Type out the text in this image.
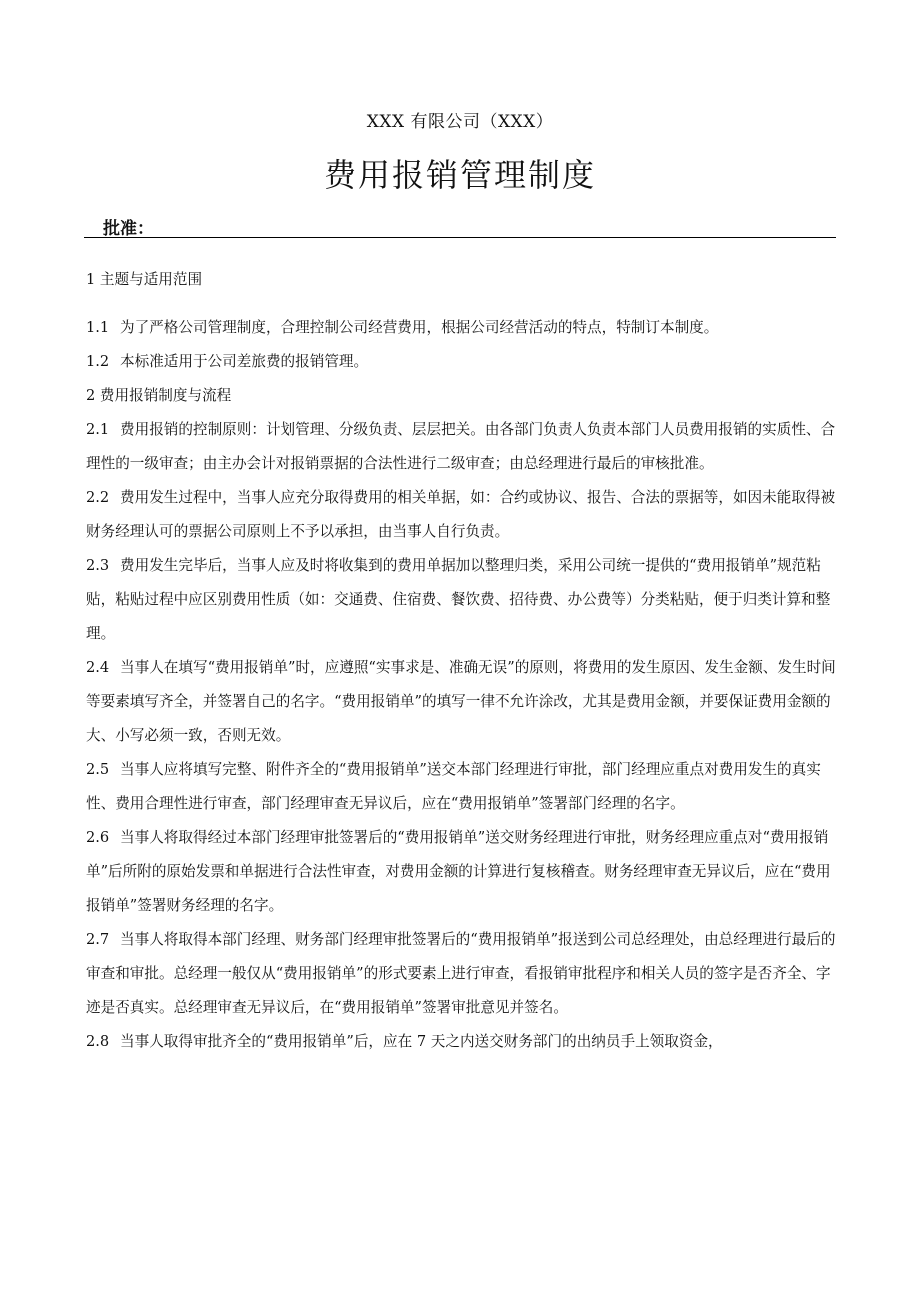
XXX 有限公司（XXX）
费用报销管理制度
批准：

1 主题与适用范围

1.1 为了严格公司管理制度，合理控制公司经营费用，根据公司经营活动的特点，特制订本制度。

1.2 本标准适用于公司差旅费的报销管理。

2 费用报销制度与流程

2.1 费用报销的控制原则：计划管理、分级负责、层层把关。由各部门负责人负责本部门人员费用报销的实质性、合理性的一级审查；由主办会计对报销票据的合法性进行二级审查；由总经理进行最后的审核批准。

2.2 费用发生过程中，当事人应充分取得费用的相关单据，如：合约或协议、报告、合法的票据等，如因未能取得被财务经理认可的票据公司原则上不予以承担，由当事人自行负责。

2.3 费用发生完毕后，当事人应及时将收集到的费用单据加以整理归类，采用公司统一提供的“费用报销单”规范粘贴，粘贴过程中应区别费用性质（如：交通费、住宿费、餐饮费、招待费、办公费等）分类粘贴，便于归类计算和整理。

2.4 当事人在填写“费用报销单”时，应遵照“实事求是、准确无误”的原则，将费用的发生原因、发生金额、发生时间等要素填写齐全，并签署自己的名字。“费用报销单”的填写一律不允许涂改，尤其是费用金额，并要保证费用金额的大、小写必须一致，否则无效。

2.5 当事人应将填写完整、附件齐全的“费用报销单”送交本部门经理进行审批，部门经理应重点对费用发生的真实性、费用合理性进行审查，部门经理审查无异议后，应在“费用报销单”签署部门经理的名字。

2.6 当事人将取得经过本部门经理审批签署后的“费用报销单”送交财务经理进行审批，财务经理应重点对“费用报销单”后所附的原始发票和单据进行合法性审查，对费用金额的计算进行复核稽查。财务经理审查无异议后，应在“费用报销单”签署财务经理的名字。

2.7 当事人将取得本部门经理、财务部门经理审批签署后的“费用报销单”报送到公司总经理处，由总经理进行最后的审查和审批。总经理一般仅从“费用报销单”的形式要素上进行审查，看报销审批程序和相关人员的签字是否齐全、字迹是否真实。总经理审查无异议后，在“费用报销单”签署审批意见并签名。

2.8 当事人取得审批齐全的“费用报销单”后，应在 7 天之内送交财务部门的出纳员手上领取资金，
